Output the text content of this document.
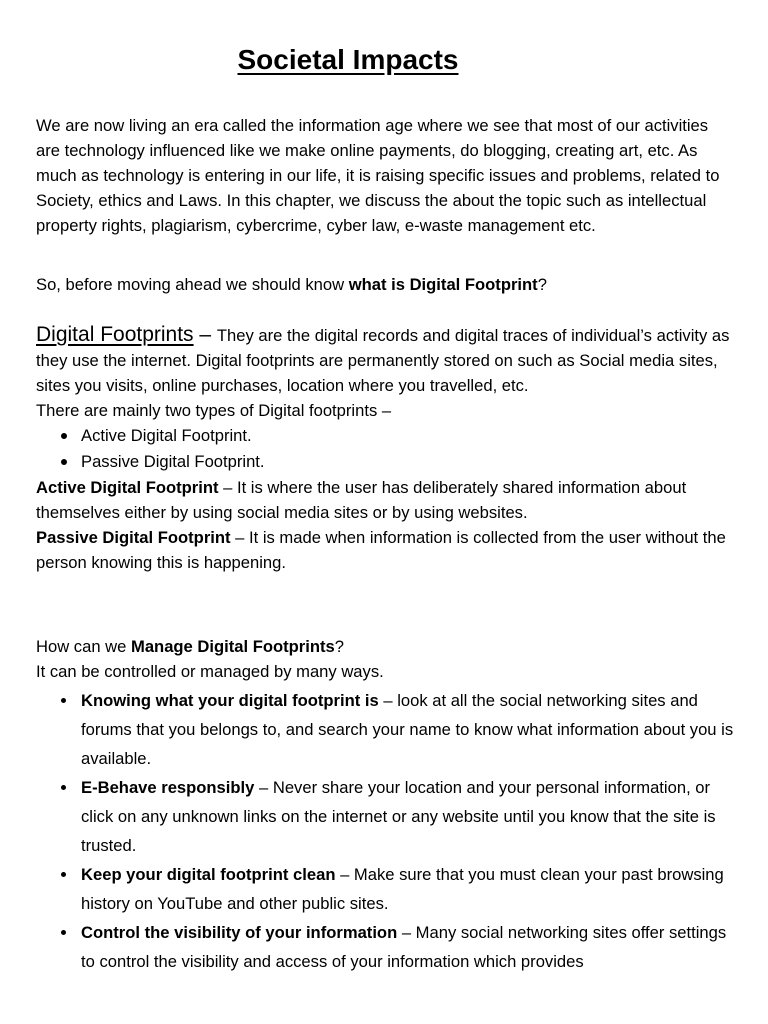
Societal Impacts

We are now living an era called the information age where we see that most of our activities are technology influenced like we make online payments, do blogging, creating art, etc. As much as technology is entering in our life, it is raising specific issues and problems, related to Society, ethics and Laws. In this chapter, we discuss the about the topic such as intellectual property rights, plagiarism, cybercrime, cyber law, e-waste management etc.

So, before moving ahead we should know what is Digital Footprint?

Digital Footprints – They are the digital records and digital traces of individual’s activity as they use the internet. Digital footprints are permanently stored on such as Social media sites, sites you visits, online purchases, location where you travelled, etc.

There are mainly two types of Digital footprints –

Active Digital Footprint.
Passive Digital Footprint.

Active Digital Footprint – It is where the user has deliberately shared information about themselves either by using social media sites or by using websites.

Passive Digital Footprint – It is made when information is collected from the user without the person knowing this is happening.

How can we Manage Digital Footprints?

It can be controlled or managed by many ways.

Knowing what your digital footprint is – look at all the social networking sites and forums that you belongs to, and search your name to know what information about you is available.
E-Behave responsibly – Never share your location and your personal information, or click on any unknown links on the internet or any website until you know that the site is trusted.
Keep your digital footprint clean – Make sure that you must clean your past browsing history on YouTube and other public sites.
Control the visibility of your information – Many social networking sites offer settings to control the visibility and access of your information which provides
